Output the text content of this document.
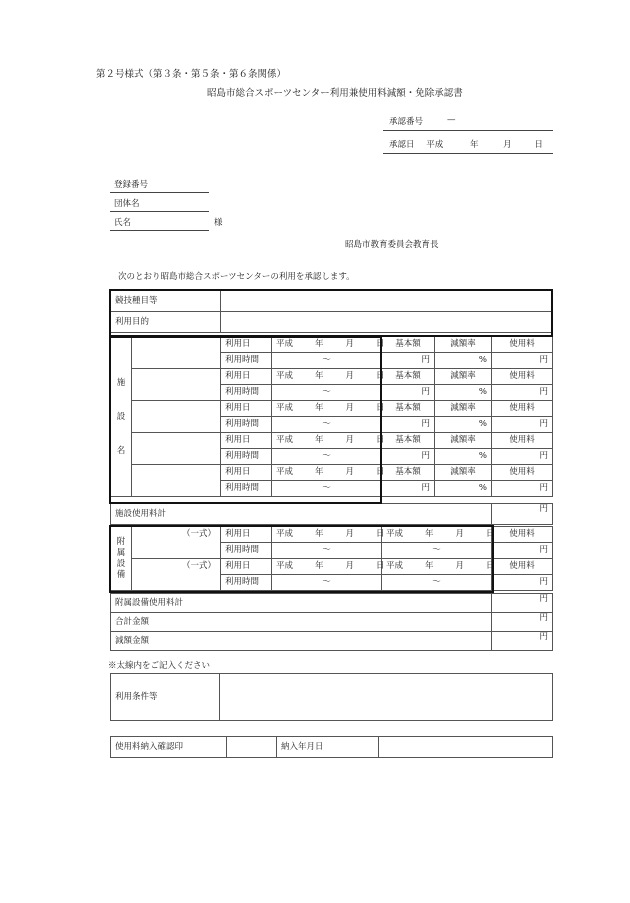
第２号様式（第３条・第５条・第６条関係）
昭島市総合スポーツセンター利用兼使用料減額・免除承認書
承認番号	—
承認日 平成	年	月	日
登録番号
団体名
氏名	様
昭島市教育委員会教育長
次のとおり昭島市総合スポーツセンターの利用を承認します。
競技種目等	
利用目的	
施
設
名		利用日	平成 年 月 日	基本額	減額率	使用料
		利用時間	〜	円	%	円
		利用日	平成 年 月 日	基本額	減額率	使用料
		利用時間	〜	円	%	円
		利用日	平成 年 月 日	基本額	減額率	使用料
		利用時間	〜	円	%	円
		利用日	平成 年 月 日	基本額	減額率	使用料
		利用時間	〜	円	%	円
		利用日	平成 年 月 日	基本額	減額率	使用料
		利用時間	〜	円	%	円
施設使用料計	円
附
属
設
備	（一式）	利用日	平成 年 月 日	平成 年 月 日	使用料
		利用時間	〜	〜	円
	（一式）	利用日	平成 年 月 日	平成 年 月 日	使用料
		利用時間	〜	〜	円
附属設備使用料計	円
合計金額	円
減額金額	円
※太線内をご記入ください
利用条件等	
使用料納入確認印		納入年月日	
